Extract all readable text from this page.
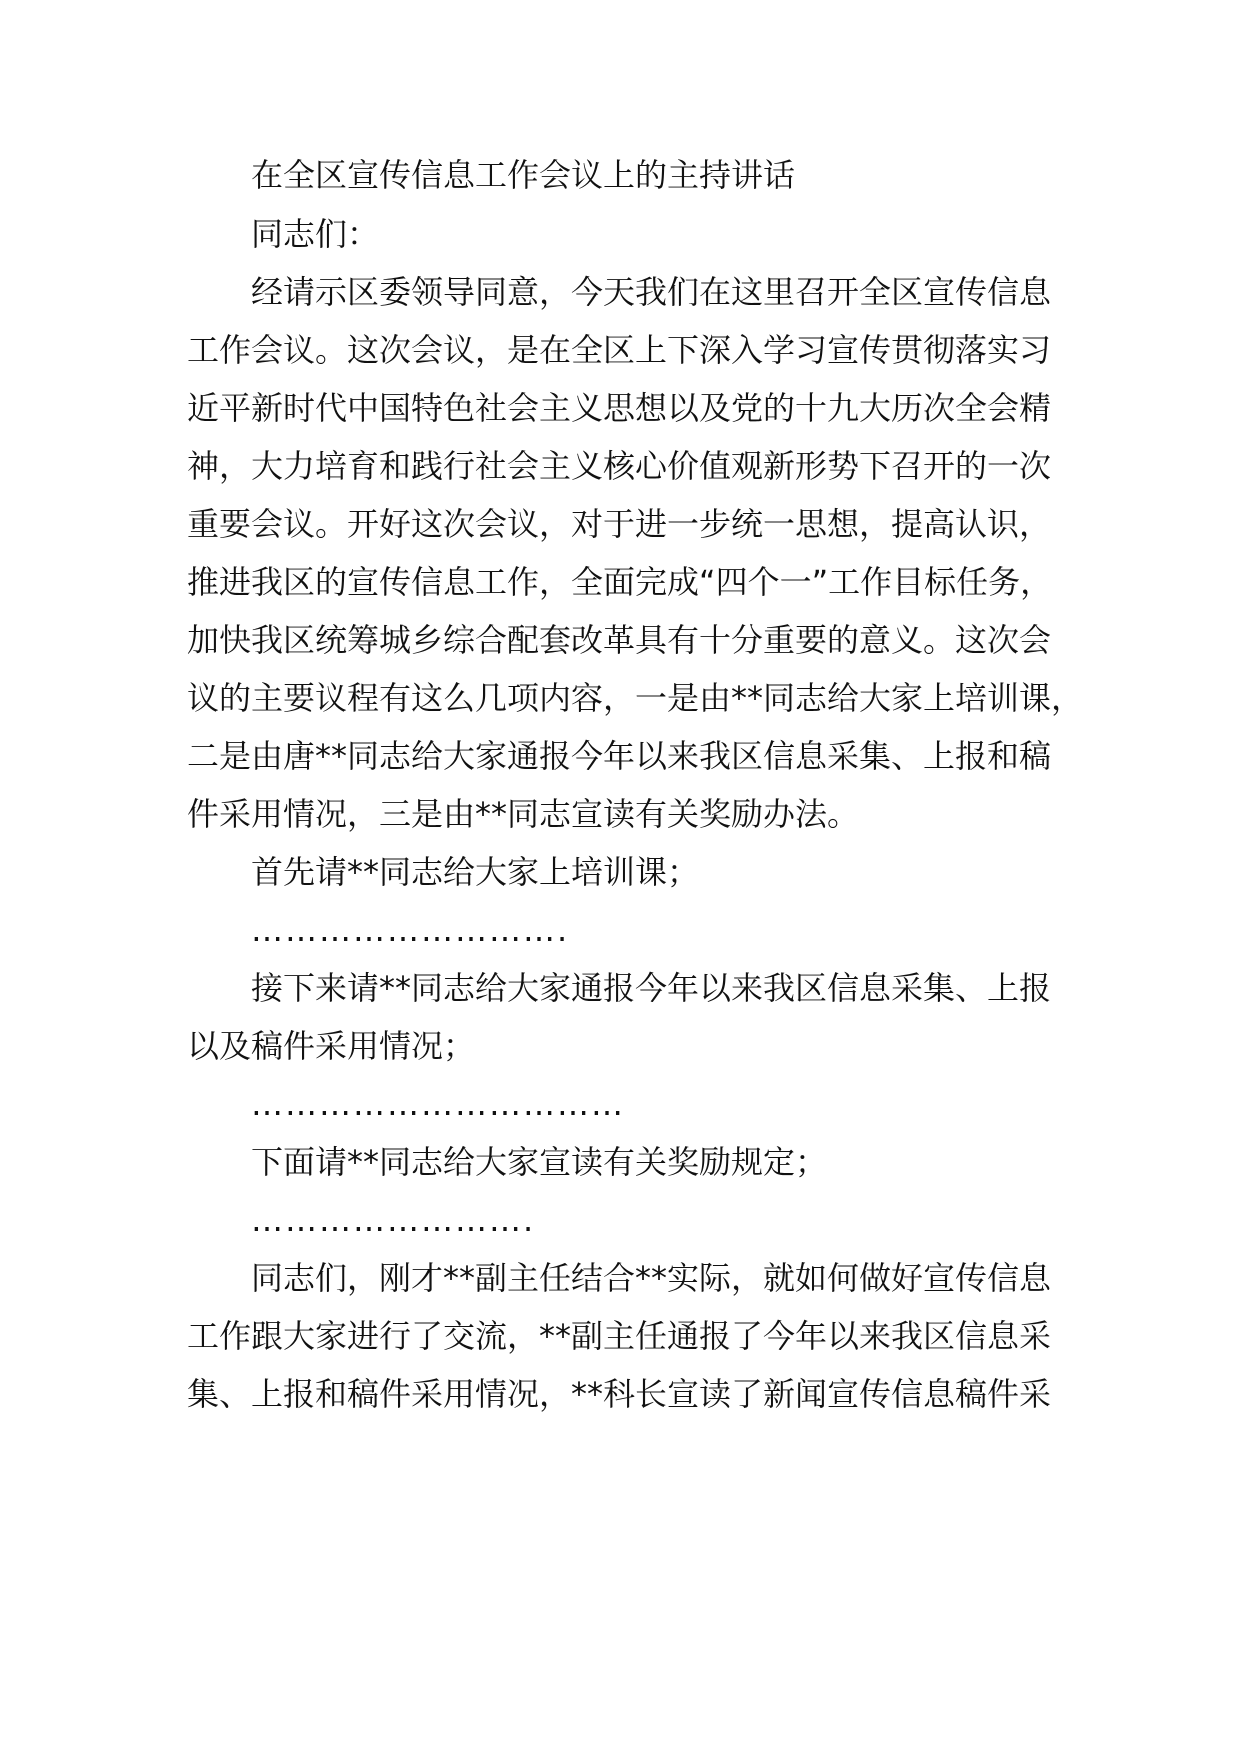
在全区宣传信息工作会议上的主持讲话

同志们：

经请示区委领导同意，今天我们在这里召开全区宣传信息

工作会议。这次会议，是在全区上下深入学习宣传贯彻落实习

近平新时代中国特色社会主义思想以及党的十九大历次全会精

神，大力培育和践行社会主义核心价值观新形势下召开的一次

重要会议。开好这次会议，对于进一步统一思想，提高认识，

推进我区的宣传信息工作，全面完成“四个一”工作目标任务，

加快我区统筹城乡综合配套改革具有十分重要的意义。这次会

议的主要议程有这么几项内容，一是由**同志给大家上培训课，

二是由唐**同志给大家通报今年以来我区信息采集、上报和稿

件采用情况，三是由**同志宣读有关奖励办法。

首先请**同志给大家上培训课；

……………………….

接下来请**同志给大家通报今年以来我区信息采集、上报

以及稿件采用情况；

……………………………

下面请**同志给大家宣读有关奖励规定；

…………………….

同志们，刚才**副主任结合**实际，就如何做好宣传信息

工作跟大家进行了交流，**副主任通报了今年以来我区信息采

集、上报和稿件采用情况，**科长宣读了新闻宣传信息稿件采
